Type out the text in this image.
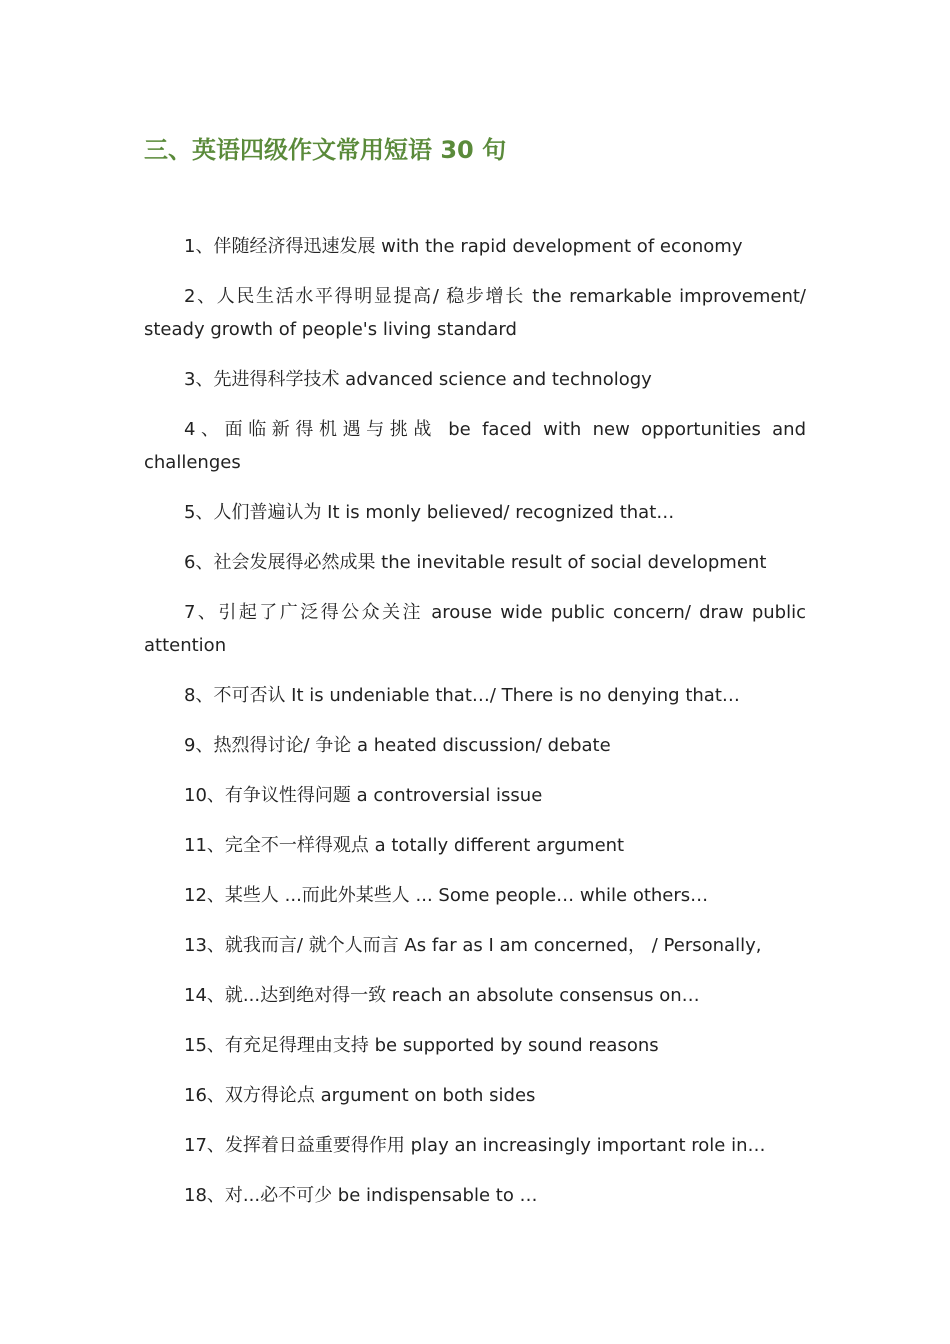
三、英语四级作文常用短语 30 句

1、伴随经济得迅速发展 with the rapid development of economy

2、人民生活水平得明显提高/ 稳步增长 the remarkable improvement/ steady growth of people's living standard

3、先进得科学技术 advanced science and technology

4、面临新得机遇与挑战 be faced with new opportunities and challenges

5、人们普遍认为 It is monly believed/ recognized that…

6、社会发展得必然成果 the inevitable result of social development

7、引起了广泛得公众关注 arouse wide public concern/ draw public attention

8、不可否认 It is undeniable that…/ There is no denying that…

9、热烈得讨论/ 争论 a heated discussion/ debate

10、有争议性得问题 a controversial issue

11、完全不一样得观点 a totally different argument

12、某些人 ...而此外某些人 ... Some people… while others…

13、就我而言/ 就个人而言 As far as I am concerned， / Personally,

14、就...达到绝对得一致 reach an absolute consensus on…

15、有充足得理由支持 be supported by sound reasons

16、双方得论点 argument on both sides

17、发挥着日益重要得作用 play an increasingly important role in…

18、对...必不可少 be indispensable to …
